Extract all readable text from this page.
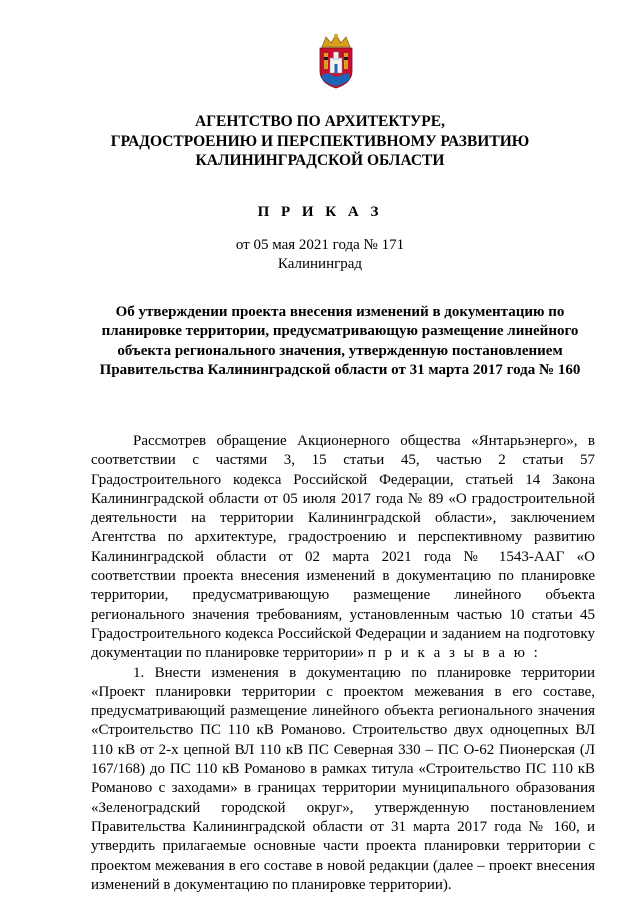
АГЕНТСТВО ПО АРХИТЕКТУРЕ,
ГРАДОСТРОЕНИЮ И ПЕРСПЕКТИВНОМУ РАЗВИТИЮ
КАЛИНИНГРАДСКОЙ ОБЛАСТИ
П Р И К А З
от 05 мая 2021 года № 171
Калининград
Об утверждении проекта внесения изменений в документацию по планировке территории, предусматривающую размещение линейного объекта регионального значения, утвержденную постановлением Правительства Калининградской области от 31 марта 2017 года № 160

Рассмотрев обращение Акционерного общества «Янтарьэнерго», в соответствии с частями 3, 15 статьи 45, частью 2 статьи 57 Градостроительного кодекса Российской Федерации, статьей 14 Закона Калининградской области от 05 июля 2017 года № 89 «О градостроительной деятельности на территории Калининградской области», заключением Агентства по архитектуре, градостроению и перспективному развитию Калининградской области от 02 марта 2021 года № 1543-ААГ «О соответствии проекта внесения изменений в документацию по планировке территории, предусматривающую размещение линейного объекта регионального значения требованиям, установленным частью 10 статьи 45 Градостроительного кодекса Российской Федерации и заданием на подготовку документации по планировке территории» п р и к а з ы в а ю :

1. Внести изменения в документацию по планировке территории «Проект планировки территории с проектом межевания в его составе, предусматривающий размещение линейного объекта регионального значения «Строительство ПС 110 кВ Романово. Строительство двух одноцепных ВЛ 110 кВ от 2-х цепной ВЛ 110 кВ ПС Северная 330 – ПС О-62 Пионерская (Л 167/168) до ПС 110 кВ Романово в рамках титула «Строительство ПС 110 кВ Романово с заходами» в границах территории муниципального образования «Зеленоградский городской округ», утвержденную постановлением Правительства Калининградской области от 31 марта 2017 года № 160, и утвердить прилагаемые основные части проекта планировки территории с проектом межевания в его составе в новой редакции (далее – проект внесения изменений в документацию по планировке территории).
